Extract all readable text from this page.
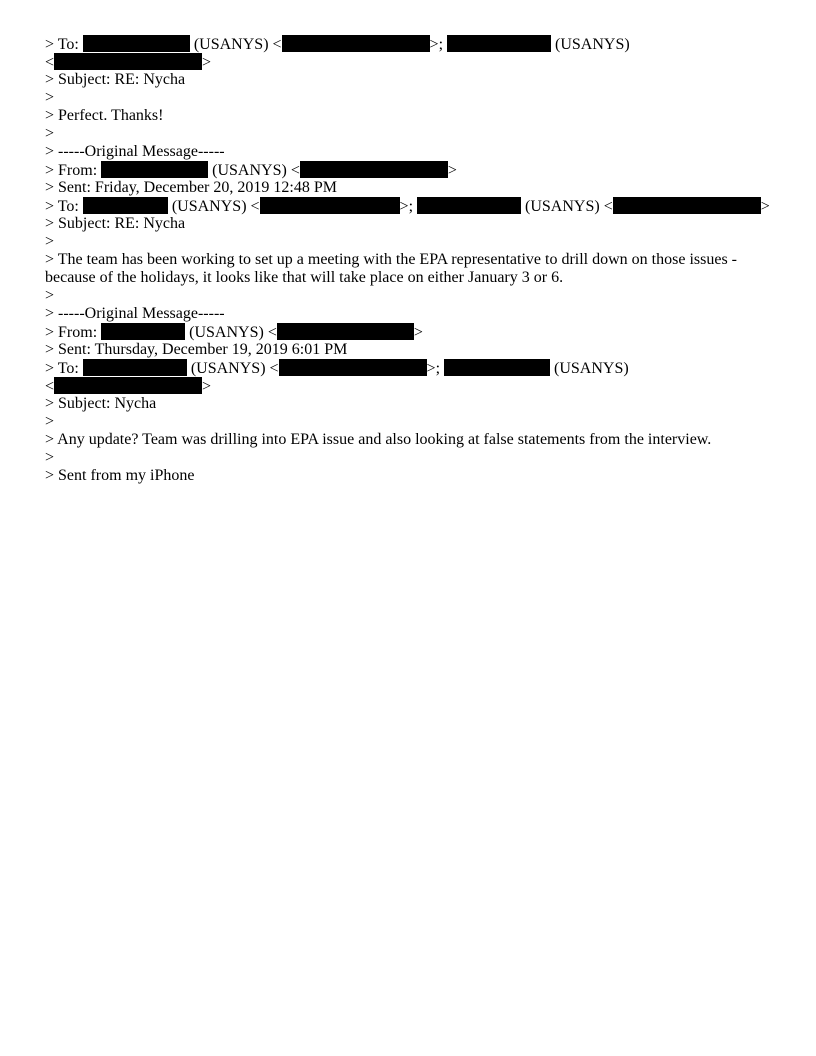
> To:	(USANYS) <	>;	(USANYS)
<	>
> Subject: RE: Nycha
>
> Perfect. Thanks!
>
> -----Original Message-----
> From:	(USANYS) <	>
> Sent: Friday, December 20, 2019 12:48 PM
> To:	(USANYS) <	>;	(USANYS) <	>
> Subject: RE: Nycha
>
> The team has been working to set up a meeting with the EPA representative to drill down on those issues - because of the holidays, it looks like that will take place on either January 3 or 6.
>
> -----Original Message-----
> From:	(USANYS) <	>
> Sent: Thursday, December 19, 2019 6:01 PM
> To:	(USANYS) <	>;	(USANYS)
<	>
> Subject: Nycha
>
> Any update? Team was drilling into EPA issue and also looking at false statements from the interview.
>
> Sent from my iPhone
